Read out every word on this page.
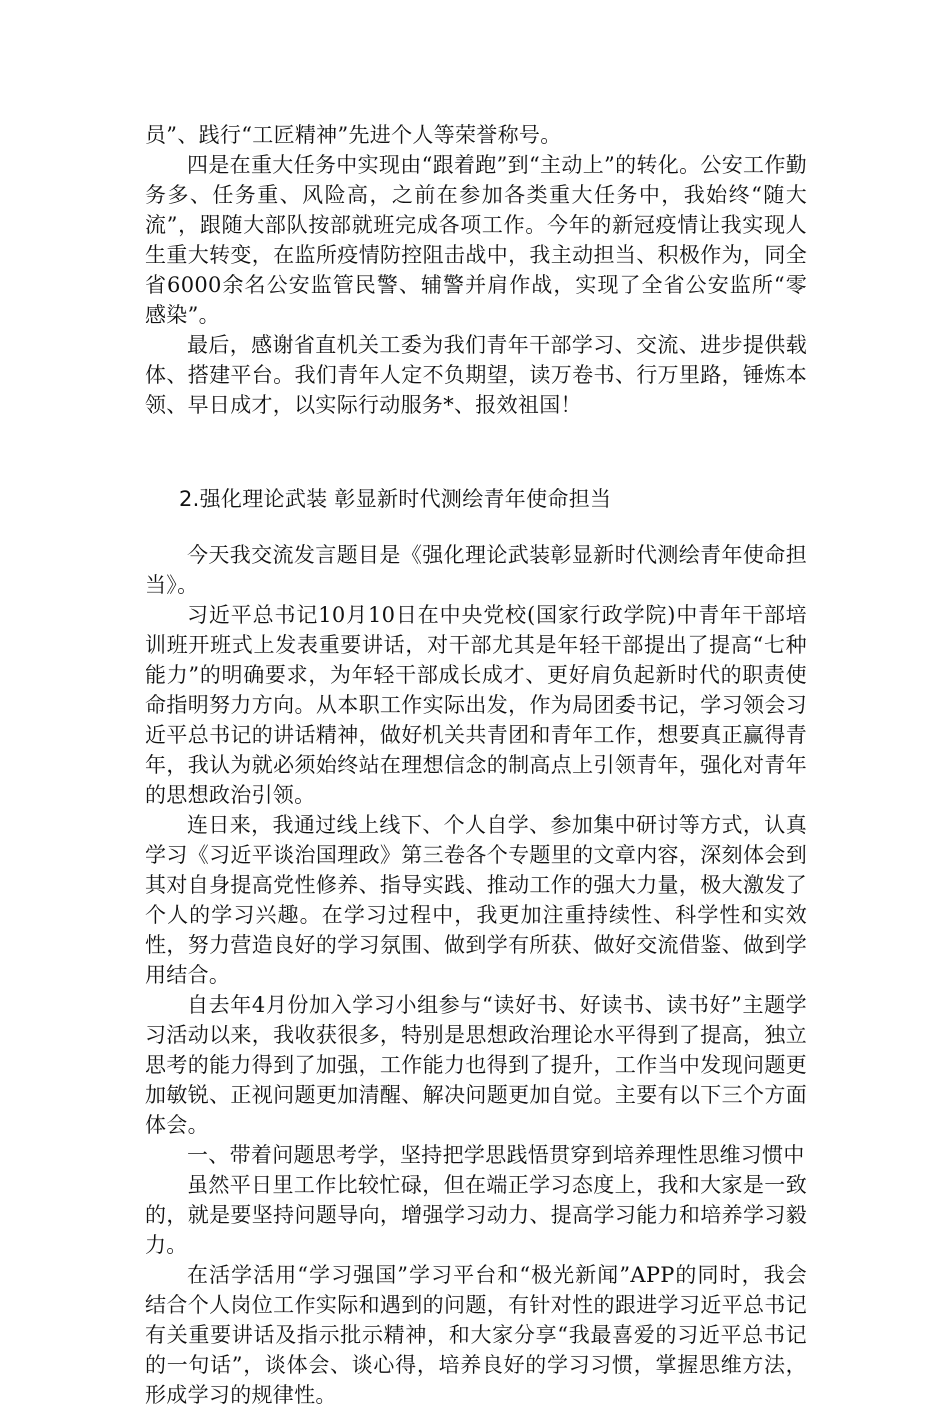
员”、践行“工匠精神”先进个人等荣誉称号。

四是在重大任务中实现由“跟着跑”到“主动上”的转化。公安工作勤务多、任务重、风险高，之前在参加各类重大任务中，我始终“随大流”，跟随大部队按部就班完成各项工作。今年的新冠疫情让我实现人生重大转变，在监所疫情防控阻击战中，我主动担当、积极作为，同全省6000余名公安监管民警、辅警并肩作战，实现了全省公安监所“零感染”。

最后，感谢省直机关工委为我们青年干部学习、交流、进步提供载体、搭建平台。我们青年人定不负期望，读万卷书、行万里路，锤炼本领、早日成才，以实际行动服务*、报效祖国！

2.强化理论武装 彰显新时代测绘青年使命担当

今天我交流发言题目是《强化理论武装彰显新时代测绘青年使命担当》。

习近平总书记10月10日在中央党校(国家行政学院)中青年干部培训班开班式上发表重要讲话，对干部尤其是年轻干部提出了提高“七种能力”的明确要求，为年轻干部成长成才、更好肩负起新时代的职责使命指明努力方向。从本职工作实际出发，作为局团委书记，学习领会习近平总书记的讲话精神，做好机关共青团和青年工作，想要真正赢得青年，我认为就必须始终站在理想信念的制高点上引领青年，强化对青年的思想政治引领。

连日来，我通过线上线下、个人自学、参加集中研讨等方式，认真学习《习近平谈治国理政》第三卷各个专题里的文章内容，深刻体会到其对自身提高党性修养、指导实践、推动工作的强大力量，极大激发了个人的学习兴趣。在学习过程中，我更加注重持续性、科学性和实效性，努力营造良好的学习氛围、做到学有所获、做好交流借鉴、做到学用结合。

自去年4月份加入学习小组参与“读好书、好读书、读书好”主题学习活动以来，我收获很多，特别是思想政治理论水平得到了提高，独立思考的能力得到了加强，工作能力也得到了提升，工作当中发现问题更加敏锐、正视问题更加清醒、解决问题更加自觉。主要有以下三个方面体会。

一、带着问题思考学，坚持把学思践悟贯穿到培养理性思维习惯中

虽然平日里工作比较忙碌，但在端正学习态度上，我和大家是一致的，就是要坚持问题导向，增强学习动力、提高学习能力和培养学习毅力。

在活学活用“学习强国”学习平台和“极光新闻”APP的同时，我会结合个人岗位工作实际和遇到的问题，有针对性的跟进学习近平总书记有关重要讲话及指示批示精神，和大家分享“我最喜爱的习近平总书记的一句话”，谈体会、谈心得，培养良好的学习习惯，掌握思维方法，形成学习的规律性。
